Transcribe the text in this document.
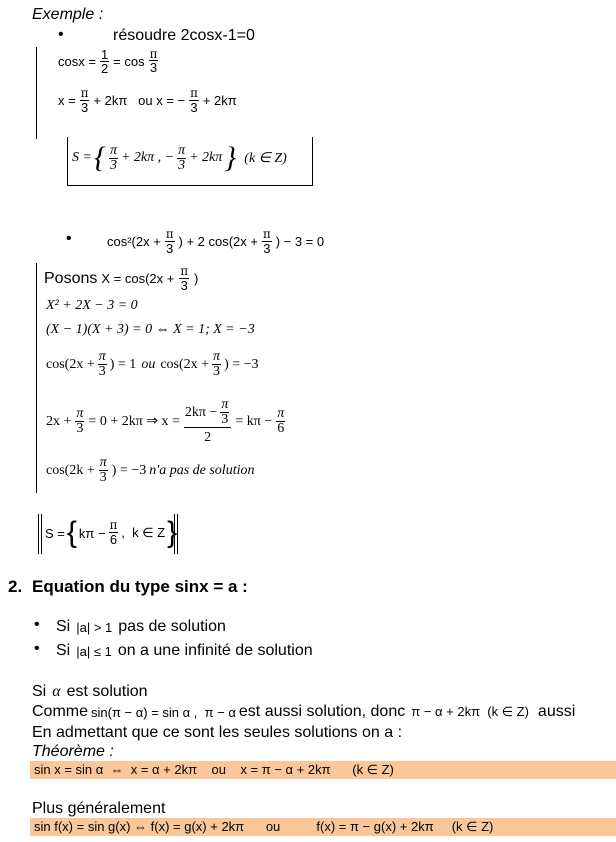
Exemple :
•	résoudre 2cosx-1=0
$\cos x = \frac{1}{2} = \cos \frac{\pi}{3}$
$x = \frac{\pi}{3} + 2k\pi$   ou x = − $\frac{\pi}{3} + 2k\pi$
S = { $\frac{\pi}{3} + 2k\pi$ , − $\frac{\pi}{3} + 2k\pi$ } (k ∈ Z)
•	$\cos^2(2x + \frac{\pi}{3}$ ) + 2 $\cos(2x + \frac{\pi}{3}$ ) − 3 = 0
Posons $X = \cos(2x + \frac{\pi}{3}$ )
X² + 2X − 3 = 0
(X − 1)(X + 3) = 0 ⇔ X = 1; X = −3
$\cos(2x + \frac{\pi}{3}$ ) = 1 ou $\cos(2x + \frac{\pi}{3}$ ) = −3
$2x + \frac{\pi}{3} = 0 + 2k\pi$ ⇒ $x = \frac{2k\pi - \frac{\pi}{3}}{2} = k\pi - \frac{\pi}{6}$
$\cos(2k + \frac{\pi}{3}$ ) = −3 n'a pas de solution
S = { $k\pi - \frac{\pi}{6}$ ,  k ∈ Z }
2. Equation du type sinx = a :
• Si |a| > 1 pas de solution
• Si |a| ≤ 1 on a une infinité de solution
Si α est solution
Comme sin(π − α) = sin α ,  π − α est aussi solution, donc π − α + 2kπ  (k ∈ Z) aussi
En admettant que ce sont les seules solutions on a :
Théorème :
sin x = sin α  ⇔  x = α + 2kπ    ou    x = π − α + 2kπ      (k ∈ Z)
Plus généralement
sin f(x) = sin g(x) ⇔ f(x) = g(x) + 2kπ      ou          f(x) = π − g(x) + 2kπ     (k ∈ Z)
